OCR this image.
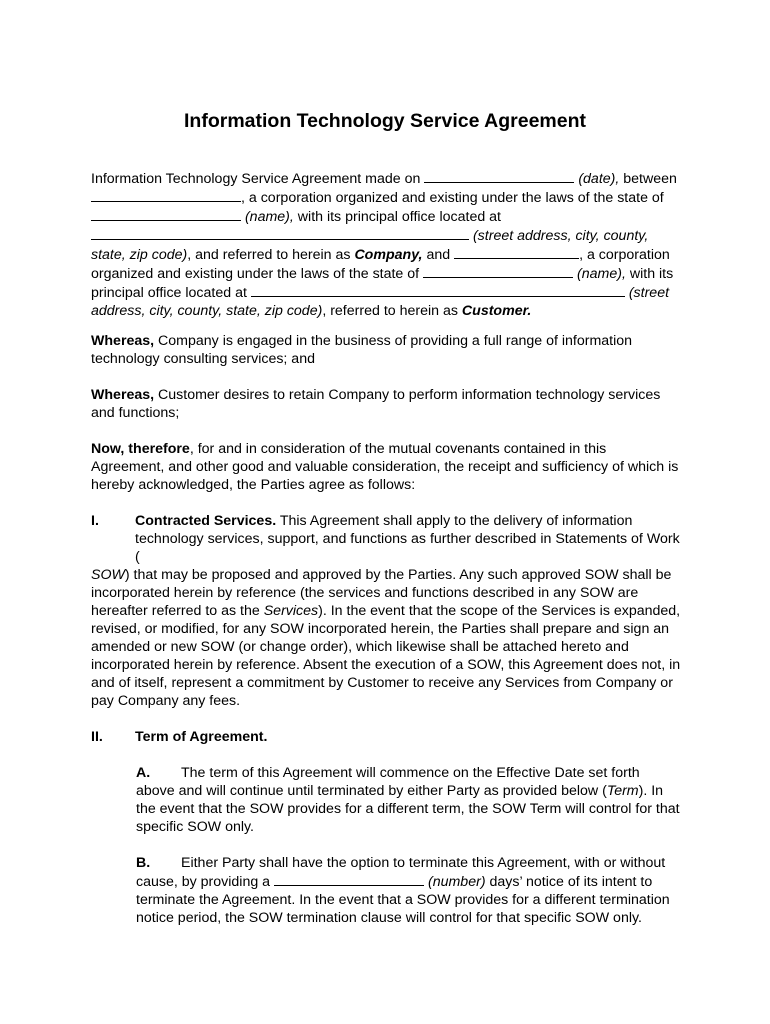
Information Technology Service Agreement

Information Technology Service Agreement made on	(date), between , a corporation organized and existing under the laws of the state of  (name), with its principal office located at  (street address, city, county, state, zip code), and referred to herein as Company, and	, a corporation organized and existing under the laws of the state of	(name), with its principal office located at	(street address, city, county, state, zip code), referred to herein as Customer.

Whereas, Company is engaged in the business of providing a full range of information technology consulting services; and

Whereas, Customer desires to retain Company to perform information technology services and functions;

Now, therefore, for and in consideration of the mutual covenants contained in this Agreement, and other good and valuable consideration, the receipt and sufficiency of which is hereby acknowledged, the Parties agree as follows:

I.	Contracted Services. This Agreement shall apply to the delivery of information technology services, support, and functions as further described in Statements of Work (

SOW) that may be proposed and approved by the Parties. Any such approved SOW shall be incorporated herein by reference (the services and functions described in any SOW are hereafter referred to as the Services). In the event that the scope of the Services is expanded, revised, or modified, for any SOW incorporated herein, the Parties shall prepare and sign an amended or new SOW (or change order), which likewise shall be attached hereto and incorporated herein by reference. Absent the execution of a SOW, this Agreement does not, in and of itself, represent a commitment by Customer to receive any Services from Company or pay Company any fees.

II.	Term of Agreement.

A. The term of this Agreement will commence on the Effective Date set forth above and will continue until terminated by either Party as provided below (Term). In the event that the SOW provides for a different term, the SOW Term will control for that specific SOW only.

B. Either Party shall have the option to terminate this Agreement, with or without cause, by providing a	(number) days’ notice of its intent to terminate the Agreement. In the event that a SOW provides for a different termination notice period, the SOW termination clause will control for that specific SOW only.
